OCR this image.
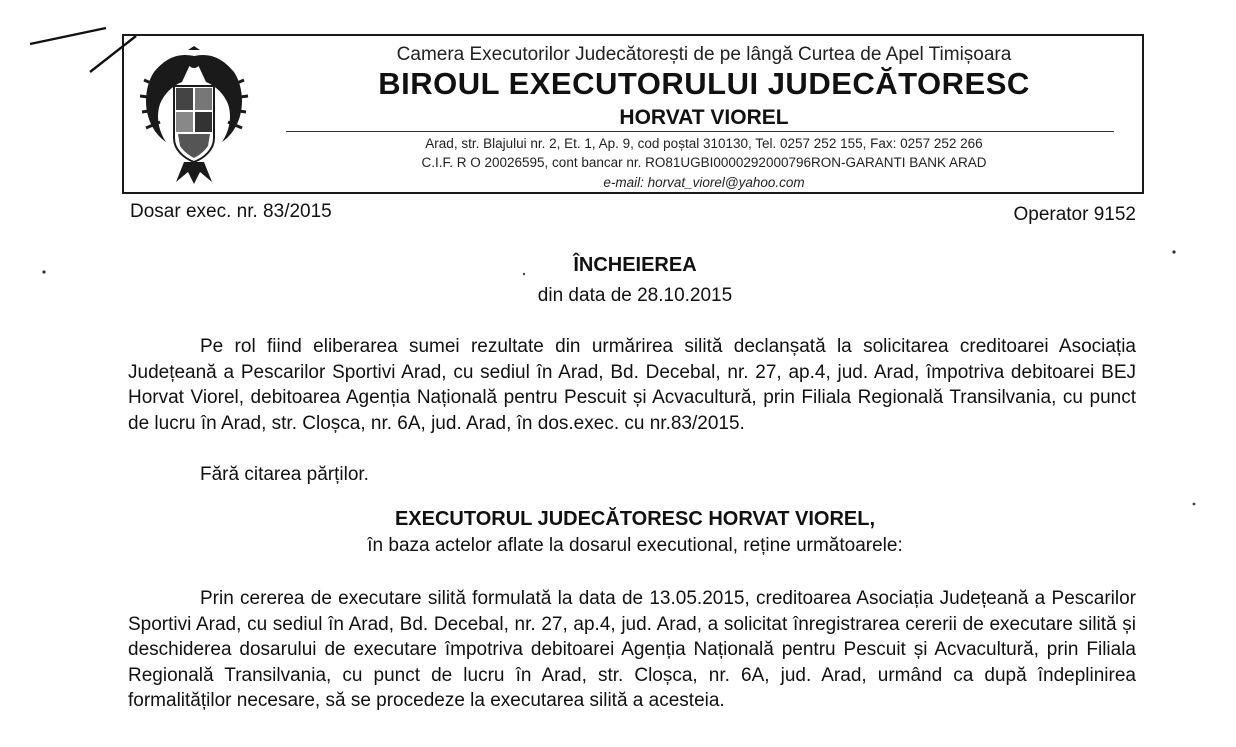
Camera Executorilor Judecătorești de pe lângă Curtea de Apel Timișoara
BIROUL EXECUTORULUI JUDECĂTORESC
HORVAT VIOREL
Arad, str. Blajului nr. 2, Et. 1, Ap. 9, cod poștal 310130, Tel. 0257 252 155, Fax: 0257 252 266
C.I.F. R O 20026595, cont bancar nr. RO81UGBI0000292000796RON-GARANTI BANK ARAD
e-mail: horvat_viorel@yahoo.com
Dosar exec. nr. 83/2015	Operator 9152
ÎNCHEIEREA
din data de 28.10.2015

Pe rol fiind eliberarea sumei rezultate din urmărirea silită declanșată la solicitarea creditoarei Asociația Județeană a Pescarilor Sportivi Arad, cu sediul în Arad, Bd. Decebal, nr. 27, ap.4, jud. Arad, împotriva debitoarei BEJ Horvat Viorel, debitoarea Agenția Națională pentru Pescuit și Acvacultură, prin Filiala Regională Transilvania, cu punct de lucru în Arad, str. Cloșca, nr. 6A, jud. Arad, în dos.exec. cu nr.83/2015.

Fără citarea părților.
EXECUTORUL JUDECĂTORESC HORVAT VIOREL,
în baza actelor aflate la dosarul executional, reține următoarele:

Prin cererea de executare silită formulată la data de 13.05.2015, creditoarea Asociația Județeană a Pescarilor Sportivi Arad, cu sediul în Arad, Bd. Decebal, nr. 27, ap.4, jud. Arad, a solicitat înregistrarea cererii de executare silită și deschiderea dosarului de executare împotriva debitoarei Agenția Națională pentru Pescuit și Acvacultură, prin Filiala Regională Transilvania, cu punct de lucru în Arad, str. Cloșca, nr. 6A, jud. Arad, urmând ca după îndeplinirea formalităților necesare, să se procedeze la executarea silită a acesteia.
